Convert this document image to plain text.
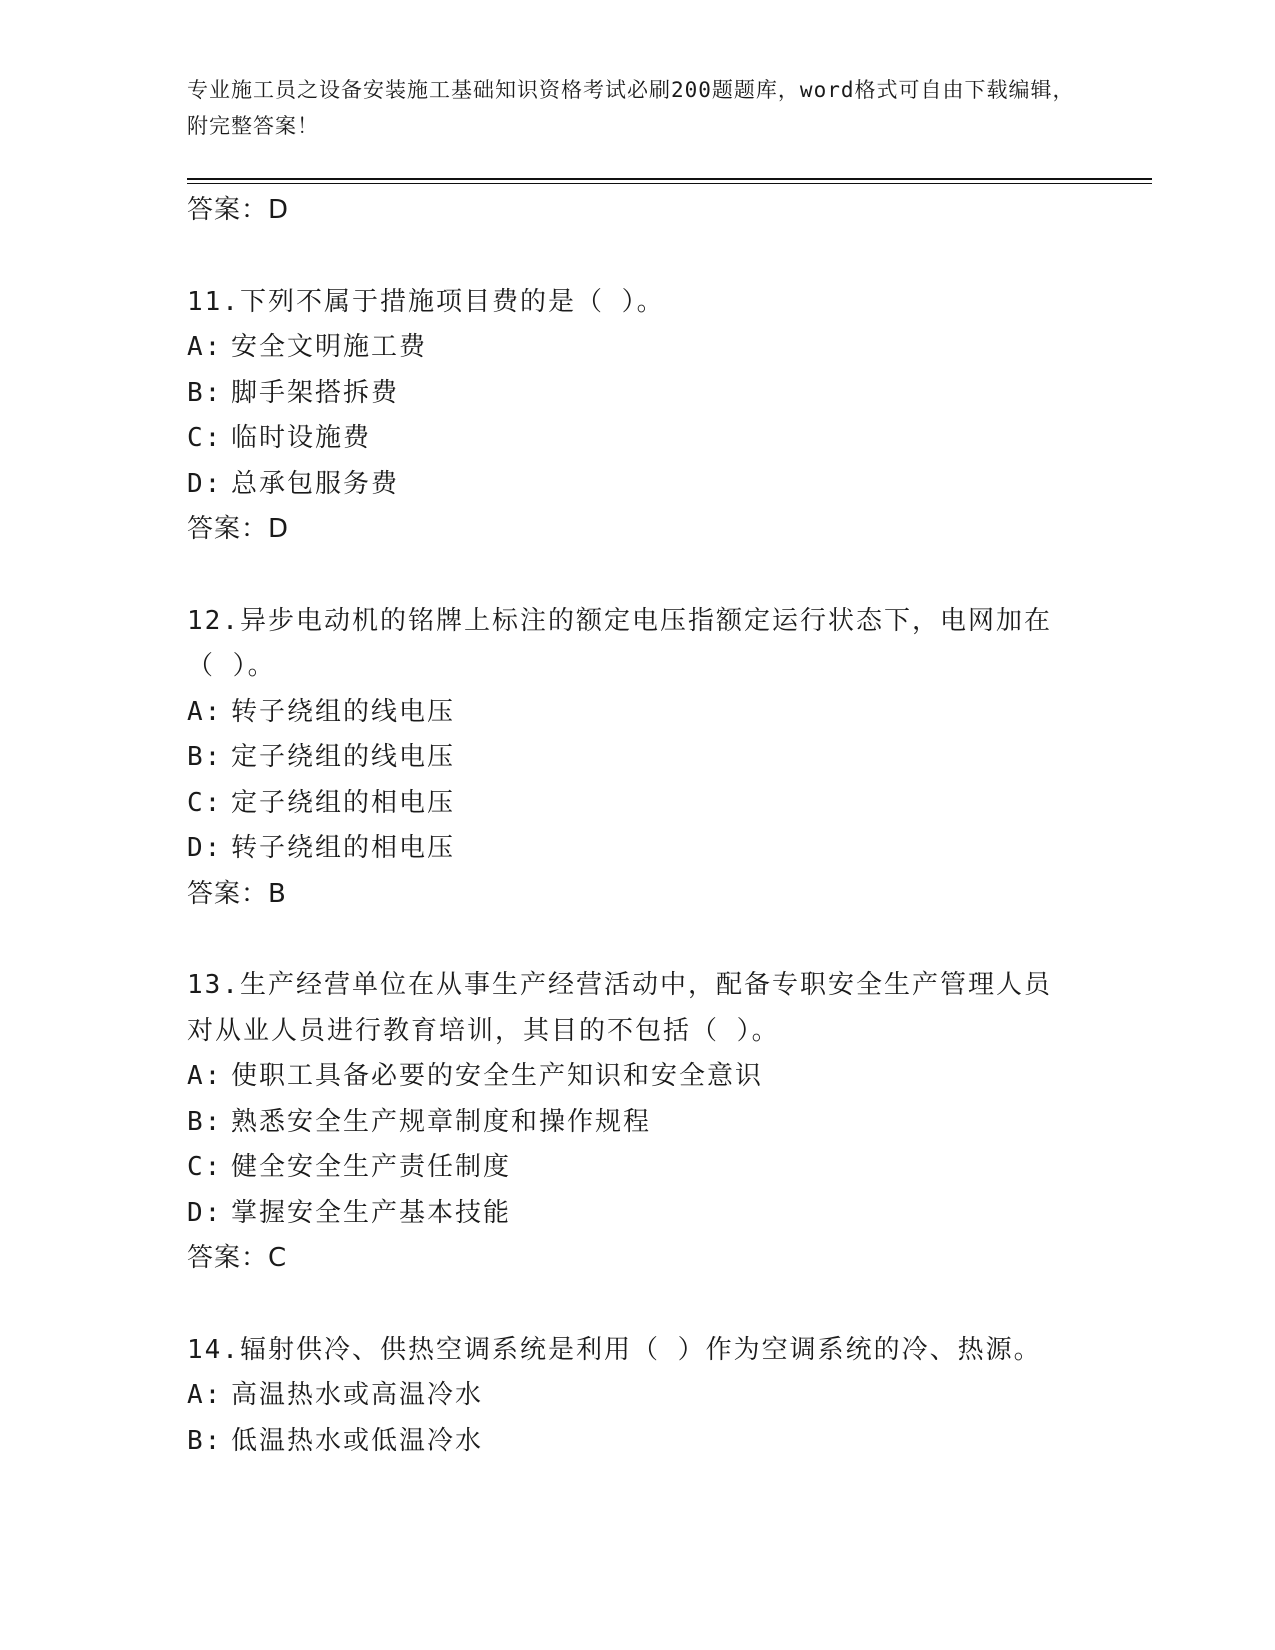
专业施工员之设备安装施工基础知识资格考试必刷200题题库，word格式可自由下载编辑，附完整答案！
答案：D
11.下列不属于措施项目费的是（ ）。
A: 安全文明施工费
B: 脚手架搭拆费
C: 临时设施费
D: 总承包服务费
答案：D
12.异步电动机的铭牌上标注的额定电压指额定运行状态下，电网加在
（ ）。
A: 转子绕组的线电压
B: 定子绕组的线电压
C: 定子绕组的相电压
D: 转子绕组的相电压
答案：B
13.生产经营单位在从事生产经营活动中，配备专职安全生产管理人员
对从业人员进行教育培训，其目的不包括（ ）。
A: 使职工具备必要的安全生产知识和安全意识
B: 熟悉安全生产规章制度和操作规程
C: 健全安全生产责任制度
D: 掌握安全生产基本技能
答案：C
14.辐射供冷、供热空调系统是利用（ ）作为空调系统的冷、热源。
A: 高温热水或高温冷水
B: 低温热水或低温冷水
